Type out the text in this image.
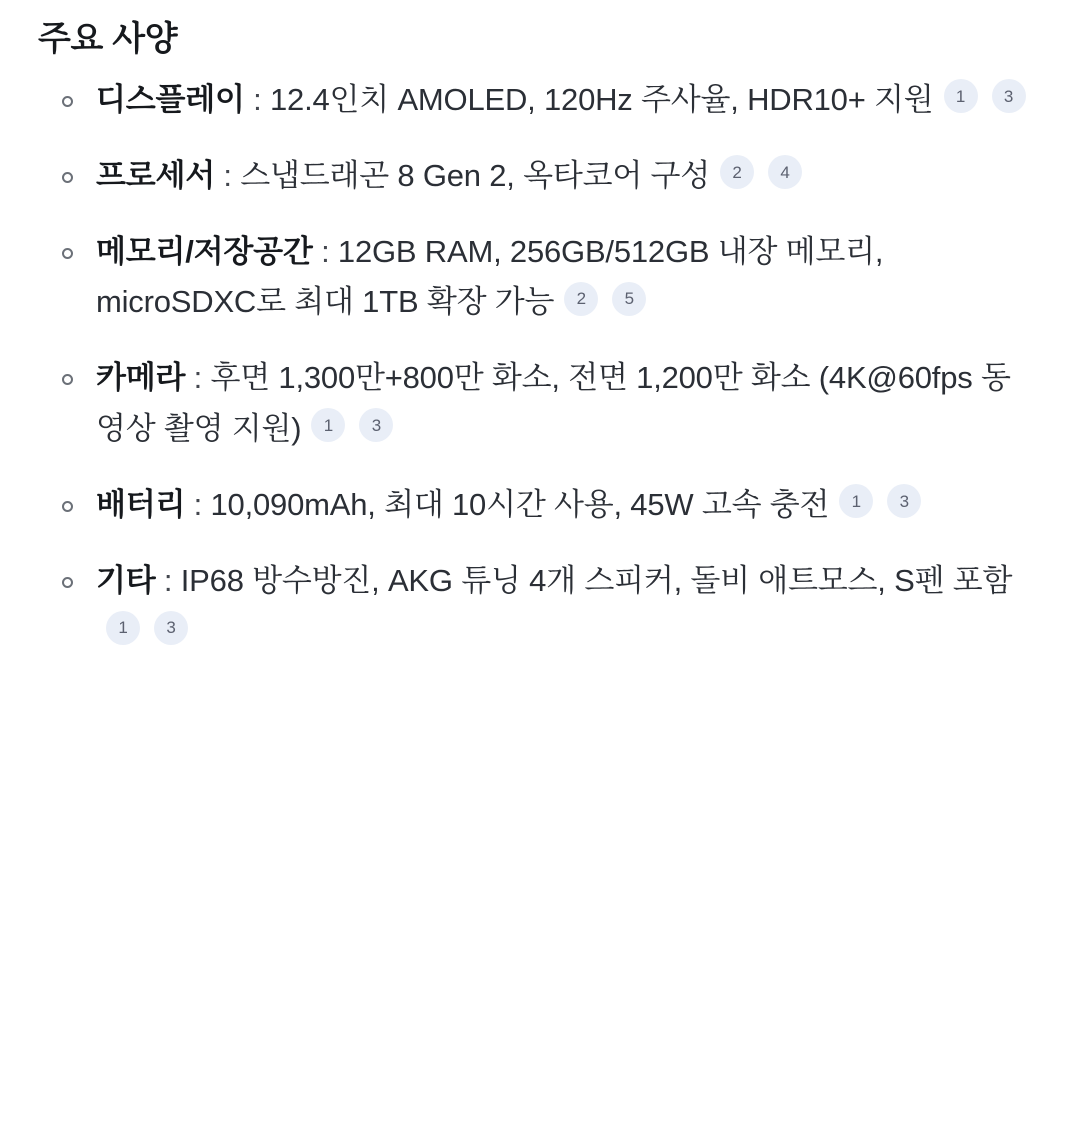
주요 사양
디스플레이 : 12.4인치 AMOLED, 120Hz 주사율, HDR10+ 지원 1 3
프로세서 : 스냅드래곤 8 Gen 2, 옥타코어 구성 2 4
메모리/저장공간 : 12GB RAM, 256GB/512GB 내장 메모리, microSDXC로 최대 1TB 확장 가능 2 5
카메라 : 후면 1,300만+800만 화소, 전면 1,200만 화소 (4K@60fps 동영상 촬영 지원) 1 3
배터리 : 10,090mAh, 최대 10시간 사용, 45W 고속 충전 1 3
기타 : IP68 방수방진, AKG 튜닝 4개 스피커, 돌비 애트모스, S펜 포함1 3
